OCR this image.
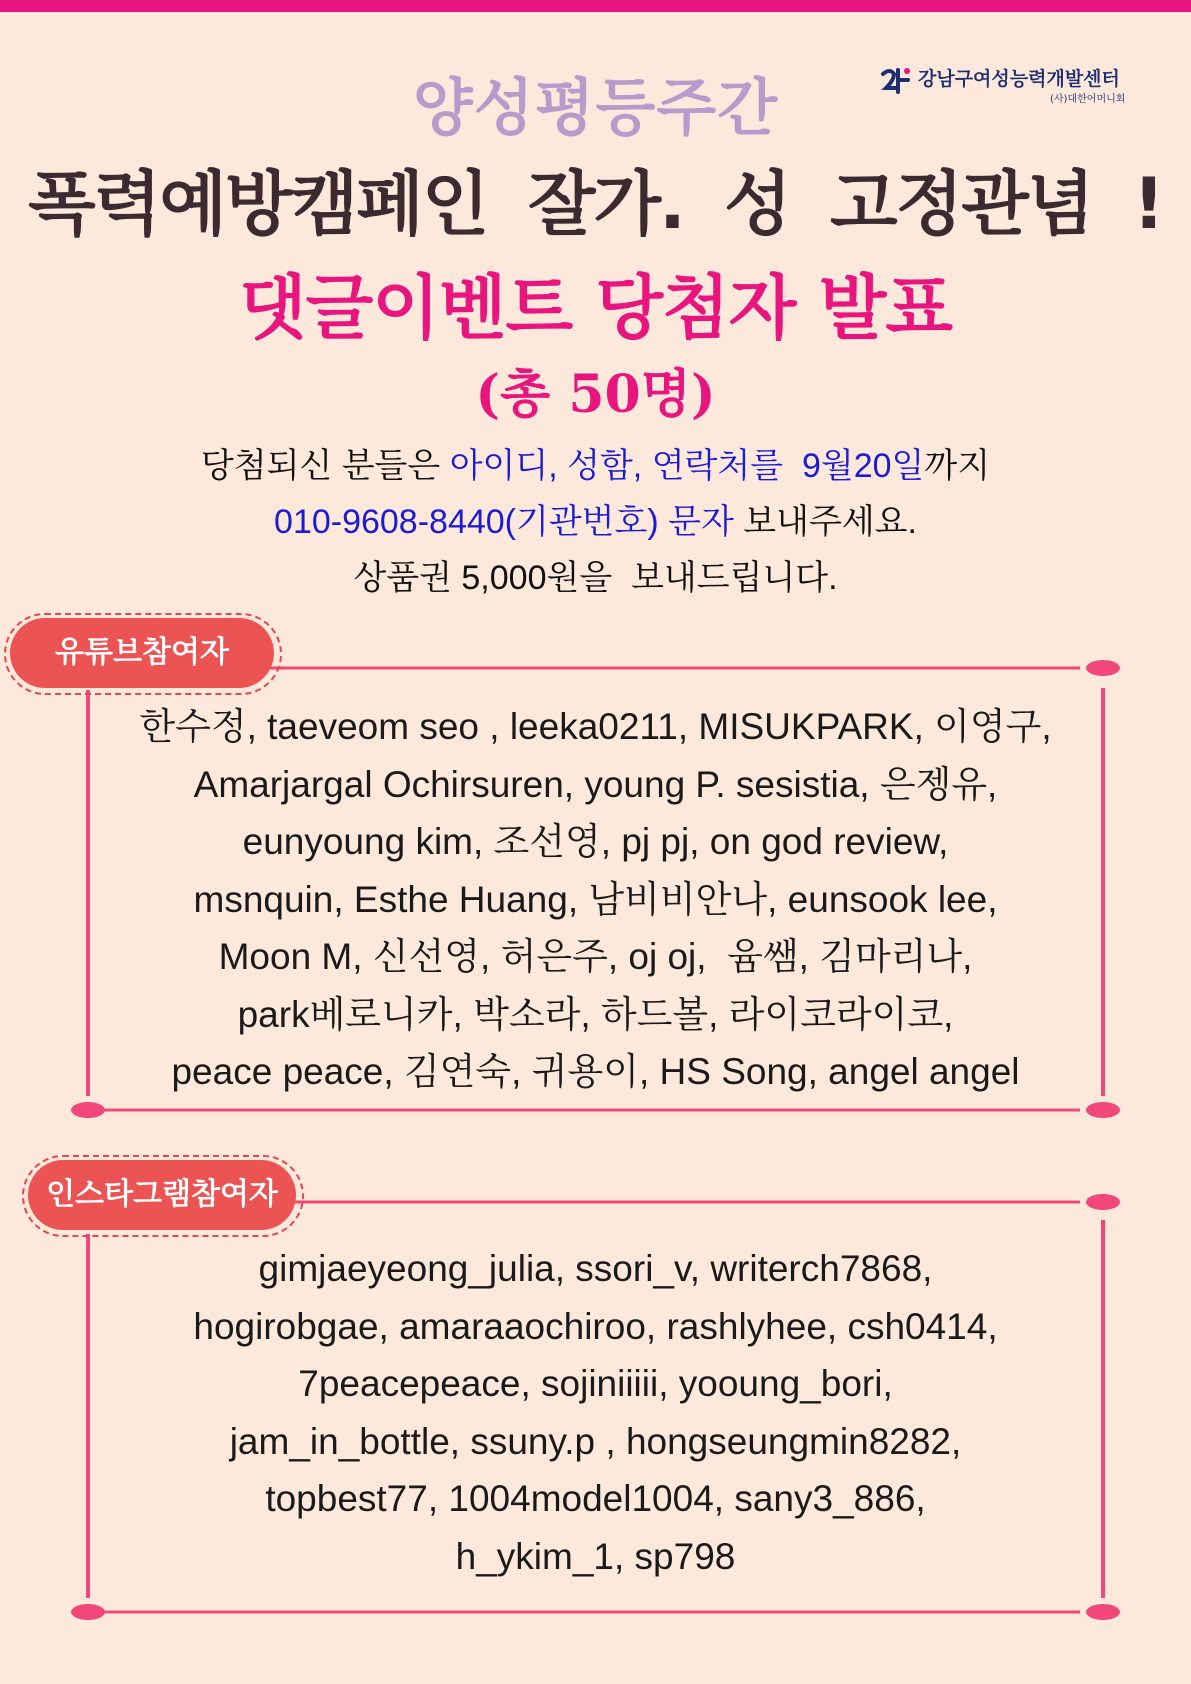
강남구여성능력개발센터
(사)대한어머니회
양성평등주간
폭력예방캠페인 잘가. 성 고정관념 !
댓글이벤트 당첨자 발표
(총 50명)
당첨되신 분들은 아이디, 성함, 연락처를 9월20일까지
010-9608-8440(기관번호) 문자 보내주세요.
상품권 5,000원을  보내드립니다.
유튜브참여자
한수정, taeveom seo , leeka0211, MISUKPARK, 이영구,
Amarjargal Ochirsuren, young P. sesistia, 은젱유,
eunyoung kim, 조선영, pj pj, on god review,
msnquin, Esthe Huang, 남비비안나, eunsook lee,
Moon M, 신선영, 허은주, oj oj,  윰쌤, 김마리나,
park베로니카, 박소라, 하드볼, 라이코라이코,
peace peace, 김연숙, 귀용이, HS Song, angel angel
인스타그램참여자
gimjaeyeong_julia, ssori_v, writerch7868,
hogirobgae, amaraaochiroo, rashlyhee, csh0414,
7peacepeace, sojiniiiii, yooung_bori,
jam_in_bottle, ssuny.p , hongseungmin8282,
topbest77, 1004model1004, sany3_886,
h_ykim_1, sp798
